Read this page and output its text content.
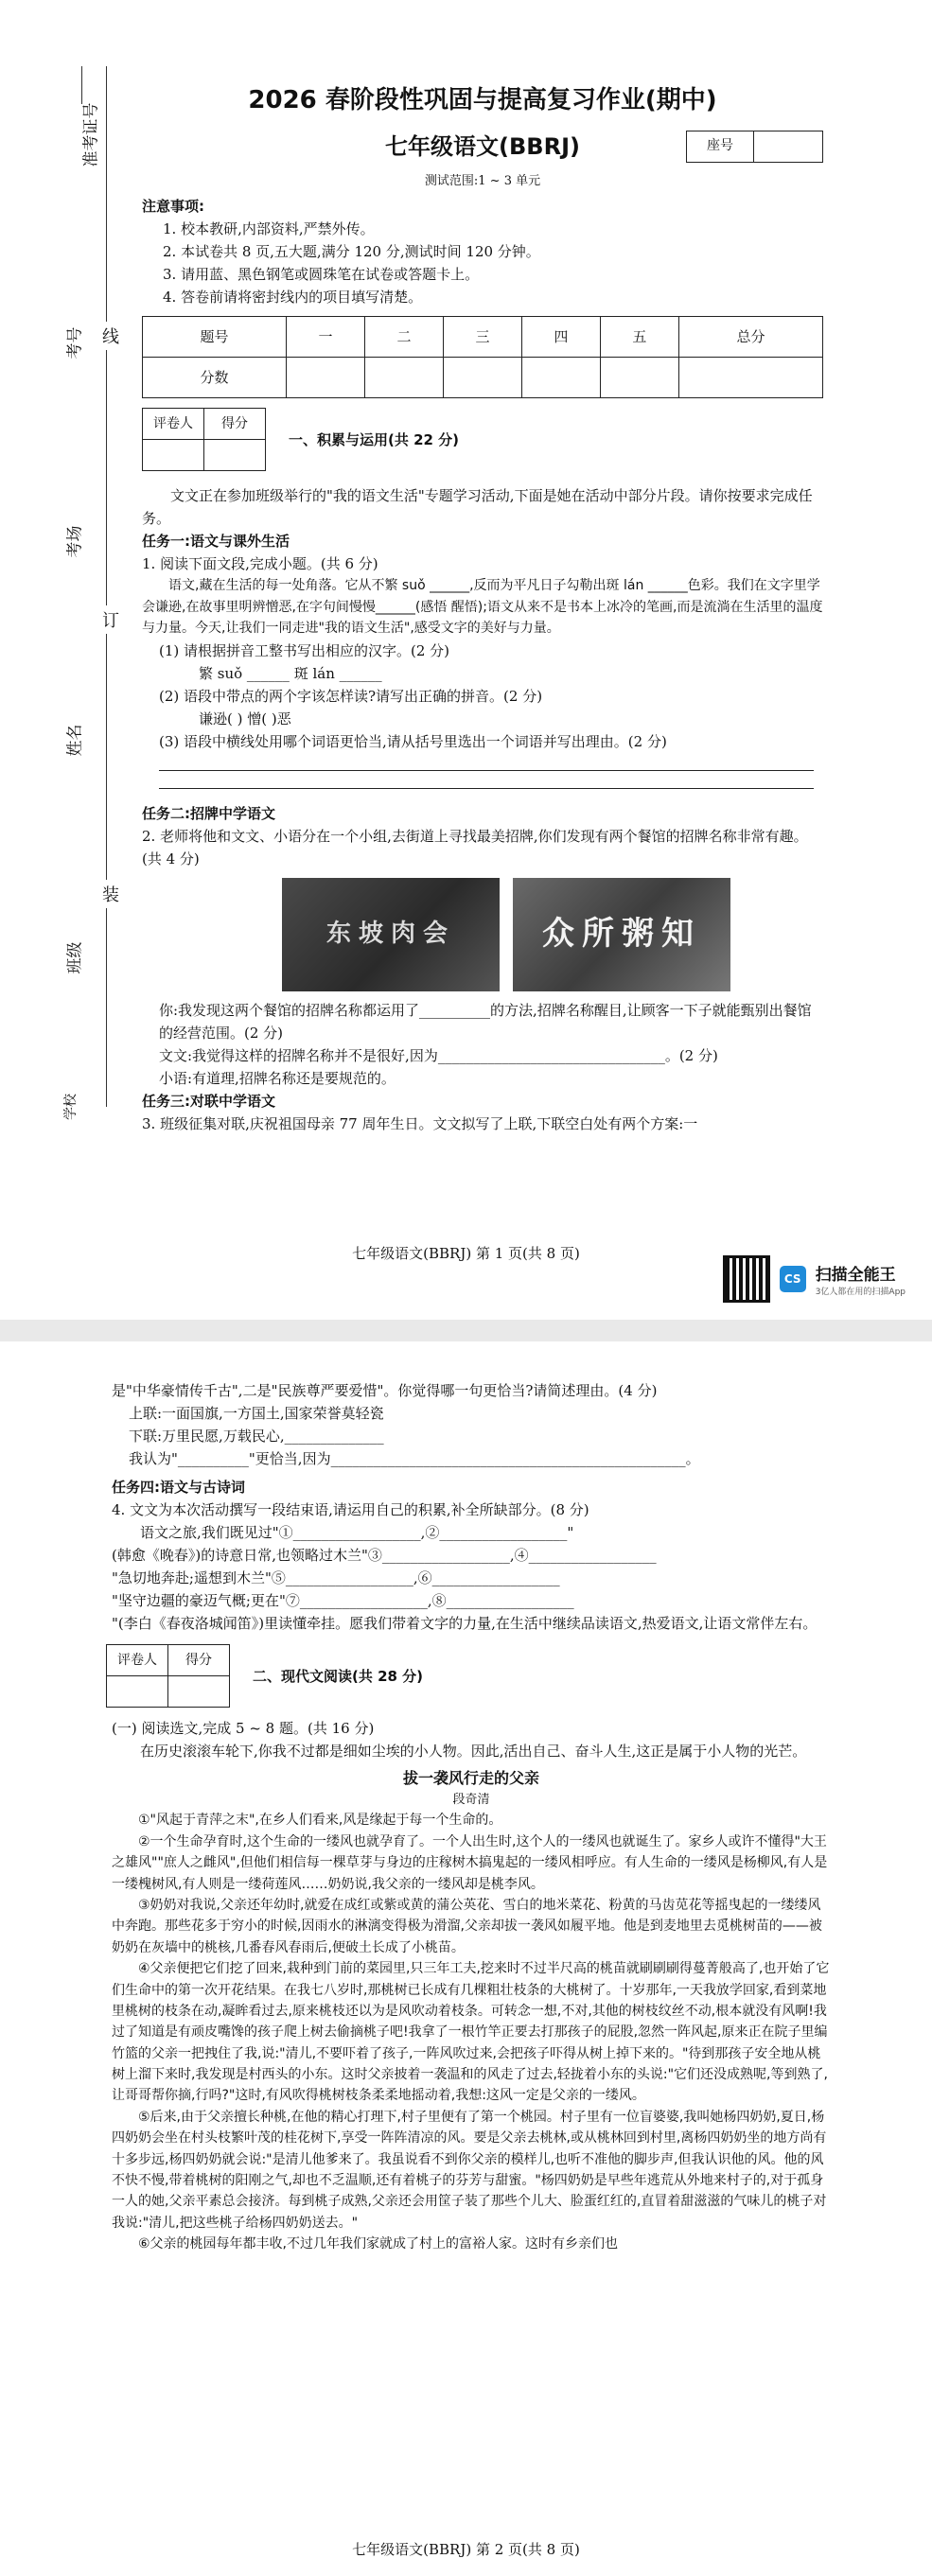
准考证号
考号
考场
姓名
班级
学校
线
订
装
2026 春阶段性巩固与提高复习作业(期中)
七年级语文(BBRJ)	座号
测试范围:1 ~ 3 单元

注意事项:

1. 校本教研,内部资料,严禁外传。

2. 本试卷共 8 页,五大题,满分 120 分,测试时间 120 分钟。

3. 请用蓝、黑色钢笔或圆珠笔在试卷或答题卡上。

4. 答卷前请将密封线内的项目填写清楚。

题号	一	二	三	四	五	总分
分数						
评卷人	得分

一、积累与运用(共 22 分)

文文正在参加班级举行的"我的语文生活"专题学习活动,下面是她在活动中部分片段。请你按要求完成任务。

任务一:语文与课外生活

1. 阅读下面文段,完成小题。(共 6 分)

语文,藏在生活的每一处角落。它从不繁 suǒ ______,反而为平凡日子勾勒出斑 lán ______色彩。我们在文字里学会谦逊,在故事里明辨憎恶,在字句间慢慢______(感悟 醒悟);语文从来不是书本上冰冷的笔画,而是流淌在生活里的温度与力量。今天,让我们一同走进"我的语文生活",感受文字的美好与力量。

(1) 请根据拼音工整书写出相应的汉字。(2 分)

繁 suǒ ______ 斑 lán ______

(2) 语段中带点的两个字该怎样读?请写出正确的拼音。(2 分)

谦逊( ) 憎( )恶

(3) 语段中横线处用哪个词语更恰当,请从括号里选出一个词语并写出理由。(2 分)

任务二:招牌中学语文

2. 老师将他和文文、小语分在一个小组,去街道上寻找最美招牌,你们发现有两个餐馆的招牌名称非常有趣。(共 4 分)

东坡肉会	众所粥知

你:我发现这两个餐馆的招牌名称都运用了__________的方法,招牌名称醒目,让顾客一下子就能甄别出餐馆的经营范围。(2 分)

文文:我觉得这样的招牌名称并不是很好,因为________________________________。(2 分)

小语:有道理,招牌名称还是要规范的。

任务三:对联中学语文

3. 班级征集对联,庆祝祖国母亲 77 周年生日。文文拟写了上联,下联空白处有两个方案:一

七年级语文(BBRJ) 第 1 页(共 8 页)
CS 扫描全能王
3亿人都在用的扫描App

是"中华豪情传千古",二是"民族尊严要爱惜"。你觉得哪一句更恰当?请简述理由。(4 分)

上联:一面国旗,一方国土,国家荣誉莫轻瓷

下联:万里民愿,万载民心,______________

我认为"__________"更恰当,因为__________________________________________________。

任务四:语文与古诗词

4. 文文为本次活动撰写一段结束语,请运用自己的积累,补全所缺部分。(8 分)

语文之旅,我们既见过"①__________________,②__________________"

(韩愈《晚春》)的诗意日常,也领略过木兰"③__________________,④__________________

"急切地奔赴;遥想到木兰"⑤__________________,⑥__________________

"坚守边疆的豪迈气概;更在"⑦__________________,⑧__________________

"(李白《春夜洛城闻笛》)里读懂牵挂。愿我们带着文字的力量,在生活中继续品读语文,热爱语文,让语文常伴左右。

评卷人	得分

二、现代文阅读(共 28 分)

(一) 阅读选文,完成 5 ~ 8 题。(共 16 分)

在历史滚滚车轮下,你我不过都是细如尘埃的小人物。因此,活出自己、奋斗人生,这正是属于小人物的光芒。

拔一袭风行走的父亲
段奇清

①"风起于青萍之末",在乡人们看来,风是缘起于每一个生命的。

②一个生命孕育时,这个生命的一缕风也就孕育了。一个人出生时,这个人的一缕风也就诞生了。家乡人或许不懂得"大王之雄风""庶人之雌风",但他们相信每一棵草芽与身边的庄稼树木搞鬼起的一缕风相呼应。有人生命的一缕风是杨柳风,有人是一缕槐树风,有人则是一缕荷莲风……奶奶说,我父亲的一缕风却是桃李风。

③奶奶对我说,父亲还年幼时,就爱在成红或紫或黄的蒲公英花、雪白的地米菜花、粉黄的马齿苋花等摇曳起的一缕缕风中奔跑。那些花多于穷小的时候,因雨水的淋漓变得极为滑溜,父亲却拔一袭风如履平地。他是到麦地里去觅桃树苗的——被奶奶在灰墙中的桃核,几番春风春雨后,便破土长成了小桃苗。

④父亲便把它们挖了回来,栽种到门前的菜园里,只三年工夫,挖来时不过半尺高的桃苗就刷刷刷得蔓菁般高了,也开始了它们生命中的第一次开花结果。在我七八岁时,那桃树已长成有几棵粗壮枝条的大桃树了。十岁那年,一天我放学回家,看到菜地里桃树的枝条在动,凝眸看过去,原来桃枝还以为是风吹动着枝条。可转念一想,不对,其他的树枝纹丝不动,根本就没有风啊!我过了知道是有顽皮嘴馋的孩子爬上树去偷摘桃子吧!我拿了一根竹竿正要去打那孩子的屁股,忽然一阵风起,原来正在院子里编竹篮的父亲一把拽住了我,说:"清儿,不要吓着了孩子,一阵风吹过来,会把孩子吓得从树上掉下来的。"待到那孩子安全地从桃树上溜下来时,我发现是村西头的小东。这时父亲披着一袭温和的风走了过去,轻拢着小东的头说:"它们还没成熟呢,等到熟了,让哥哥帮你摘,行吗?"这时,有风吹得桃树枝条柔柔地摇动着,我想:这风一定是父亲的一缕风。

⑤后来,由于父亲擅长种桃,在他的精心打理下,村子里便有了第一个桃园。村子里有一位盲婆婆,我叫她杨四奶奶,夏日,杨四奶奶会坐在村头枝繁叶茂的桂花树下,享受一阵阵清凉的风。要是父亲去桃林,或从桃林回到村里,离杨四奶奶坐的地方尚有十多步远,杨四奶奶就会说:"是清儿他爹来了。我虽说看不到你父亲的模样儿,也听不准他的脚步声,但我认识他的风。他的风不快不慢,带着桃树的阳刚之气,却也不乏温顺,还有着桃子的芬芳与甜蜜。"杨四奶奶是早些年逃荒从外地来村子的,对于孤身一人的她,父亲平素总会接济。每到桃子成熟,父亲还会用筐子装了那些个儿大、脸蛋红红的,直冒着甜滋滋的气味儿的桃子对我说:"清儿,把这些桃子给杨四奶奶送去。"

⑥父亲的桃园每年都丰收,不过几年我们家就成了村上的富裕人家。这时有乡亲们也

七年级语文(BBRJ) 第 2 页(共 8 页)
